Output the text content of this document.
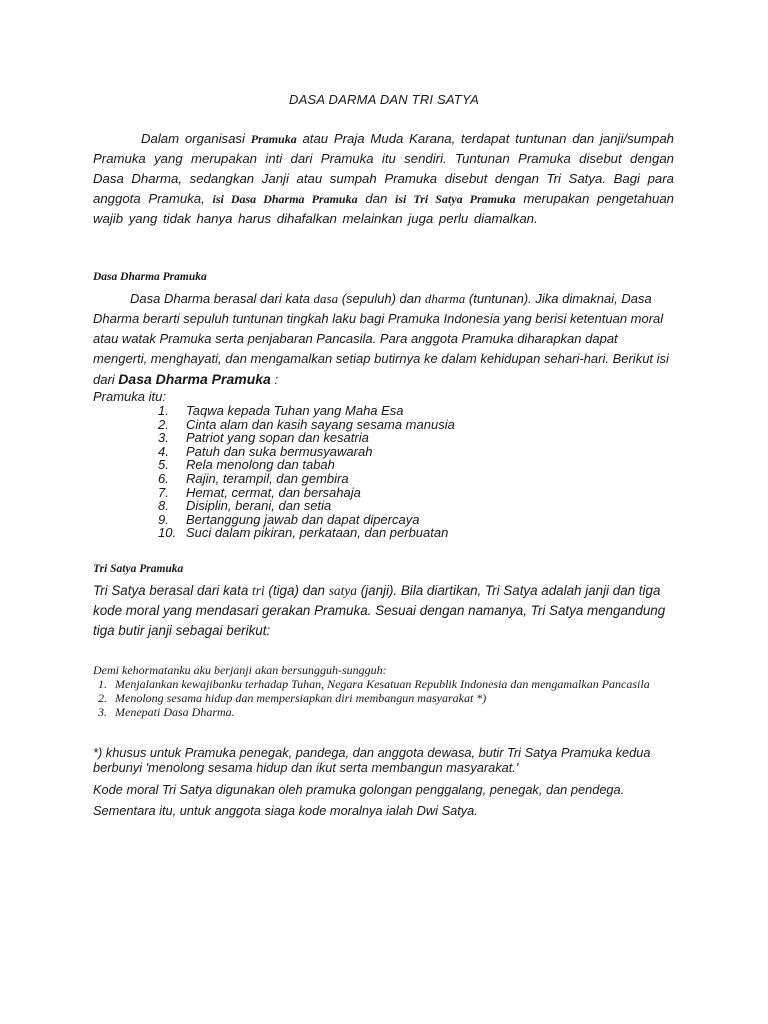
DASA DARMA DAN TRI SATYA

Dalam organisasi Pramuka atau Praja Muda Karana, terdapat tuntunan dan janji/sumpah Pramuka yang merupakan inti dari Pramuka itu sendiri. Tuntunan Pramuka disebut dengan Dasa Dharma, sedangkan Janji atau sumpah Pramuka disebut dengan Tri Satya. Bagi para anggota Pramuka, isi Dasa Dharma Pramuka dan isi Tri Satya Pramuka merupakan pengetahuan wajib yang tidak hanya harus dihafalkan melainkan juga perlu diamalkan.

Dasa Dharma Pramuka

Dasa Dharma berasal dari kata dasa (sepuluh) dan dharma (tuntunan). Jika dimaknai, Dasa Dharma berarti sepuluh tuntunan tingkah laku bagi Pramuka Indonesia yang berisi ketentuan moral atau watak Pramuka serta penjabaran Pancasila. Para anggota Pramuka diharapkan dapat mengerti, menghayati, dan mengamalkan setiap butirnya ke dalam kehidupan sehari-hari. Berikut isi dari Dasa Dharma Pramuka :

Pramuka itu:
1.	Taqwa kepada Tuhan yang Maha Esa
2.	Cinta alam dan kasih sayang sesama manusia
3.	Patriot yang sopan dan kesatria
4.	Patuh dan suka bermusyawarah
5.	Rela menolong dan tabah
6.	Rajin, terampil, dan gembira
7.	Hemat, cermat, dan bersahaja
8.	Disiplin, berani, dan setia
9.	Bertanggung jawab dan dapat dipercaya
10. Suci dalam pikiran, perkataan, dan perbuatan
Tri Satya Pramuka

Tri Satya berasal dari kata tri (tiga) dan satya (janji). Bila diartikan, Tri Satya adalah janji dan tiga kode moral yang mendasari gerakan Pramuka. Sesuai dengan namanya, Tri Satya mengandung tiga butir janji sebagai berikut:

Demi kehormatanku aku berjanji akan bersungguh-sungguh:
1. Menjalankan kewajibanku terhadap Tuhan, Negara Kesatuan Republik Indonesia dan mengamalkan Pancasila
2. Menolong sesama hidup dan mempersiapkan diri membangun masyarakat *)
3. Menepati Dasa Dharma.

*) khusus untuk Pramuka penegak, pandega, dan anggota dewasa, butir Tri Satya Pramuka kedua berbunyi 'menolong sesama hidup dan ikut serta membangun masyarakat.'

Kode moral Tri Satya digunakan oleh pramuka golongan penggalang, penegak, dan pendega. Sementara itu, untuk anggota siaga kode moralnya ialah Dwi Satya.
